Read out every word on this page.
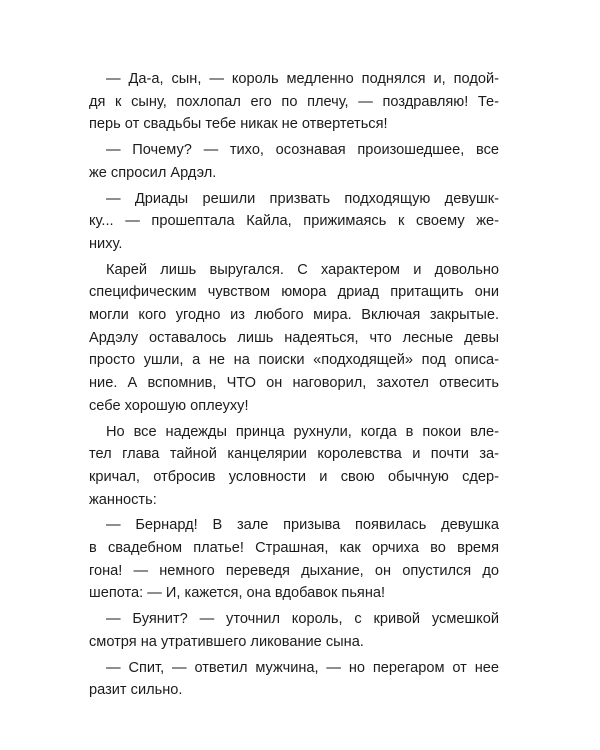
— Да-а, сын, — король медленно поднялся и, подой-
дя к сыну, похлопал его по плечу, — поздравляю! Те-
перь от свадьбы тебе никак не отвертеться!
— Почему? — тихо, осознавая произошедшее, все
же спросил Ардэл.
— Дриады решили призвать подходящую девушк-
ку... — прошептала Кайла, прижимаясь к своему же-
ниху.
Карей лишь выругался. С характером и довольно
специфическим чувством юмора дриад притащить они
могли кого угодно из любого мира. Включая закрытые.
Ардэлу оставалось лишь надеяться, что лесные девы
просто ушли, а не на поиски «подходящей» под описа-
ние. А вспомнив, ЧТО он наговорил, захотел отвесить
себе хорошую оплеуху!
Но все надежды принца рухнули, когда в покои вле-
тел глава тайной канцелярии королевства и почти за-
кричал, отбросив условности и свою обычную сдер-
жанность:
— Бернард! В зале призыва появилась девушка
в свадебном платье! Страшная, как орчиха во время
гона! — немного переведя дыхание, он опустился до
шепота: — И, кажется, она вдобавок пьяна!
— Буянит? — уточнил король, с кривой усмешкой
смотря на утратившего ликование сына.
— Спит, — ответил мужчина, — но перегаром от нее
разит сильно.
